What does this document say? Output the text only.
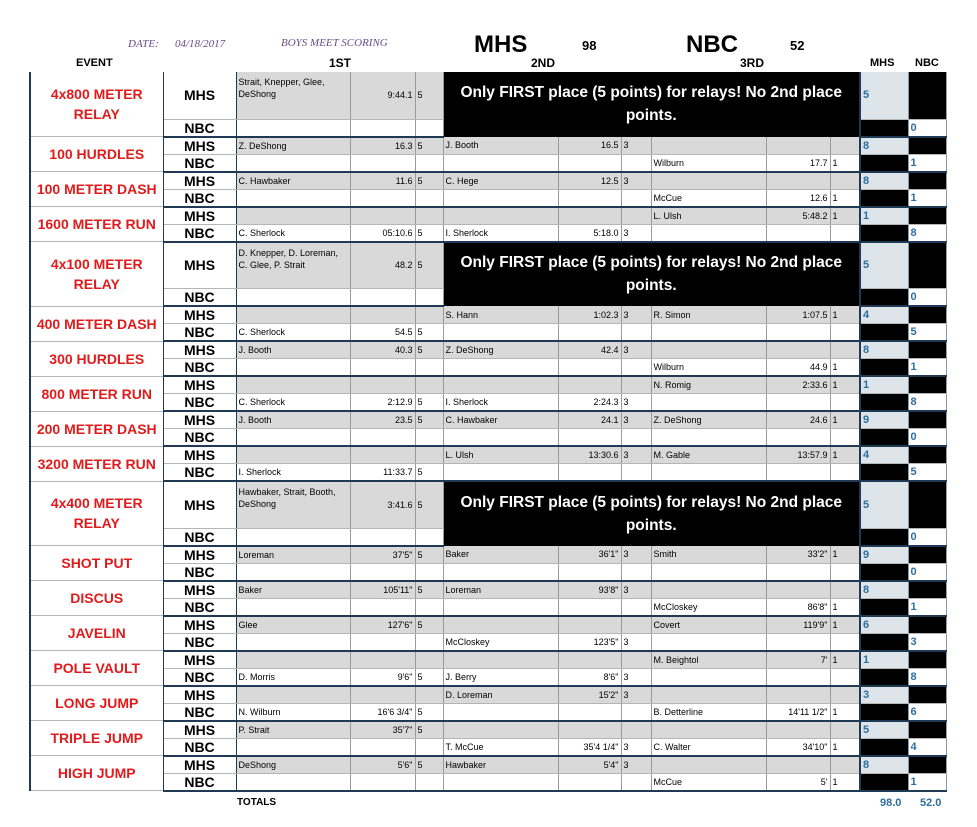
DATE: 04/18/2017	BOYS MEET SCORING	MHS	98	NBC	52
EVENT	1ST	2ND	3RD	MHS NBC
4x800 METER RELAY	MHS	Strait, Knepper, Glee, DeShong	9:44.1	5	Only FIRST place (5 points) for relays! No 2nd place points.						5	
	NBC											0
100 HURDLES	MHS	Z. DeShong	16.3	5	J. Booth	16.5	3				8	
	NBC							Wilburn	17.7	1		1
100 METER DASH	MHS	C. Hawbaker	11.6	5	C. Hege	12.5	3				8	
	NBC							McCue	12.6	1		1
1600 METER RUN	MHS							L. Ulsh	5:48.2	1	1	
	NBC	C. Sherlock	05:10.6	5	I. Sherlock	5:18.0	3					8
4x100 METER RELAY	MHS	D. Knepper, D. Loreman, C. Glee, P. Strait	48.2	5	Only FIRST place (5 points) for relays! No 2nd place points.						5	
	NBC											0
400 METER DASH	MHS				S. Hann	1:02.3	3	R. Simon	1:07.5	1	4	
	NBC	C. Sherlock	54.5	5								5
300 HURDLES	MHS	J. Booth	40.3	5	Z. DeShong	42.4	3				8	
	NBC							Wilburn	44.9	1		1
800 METER RUN	MHS							N. Romig	2:33.6	1	1	
	NBC	C. Sherlock	2:12.9	5	I. Sherlock	2:24.3	3					8
200 METER DASH	MHS	J. Booth	23.5	5	C. Hawbaker	24.1	3	Z. DeShong	24.6	1	9	
	NBC											0
3200 METER RUN	MHS				L. Ulsh	13:30.6	3	M. Gable	13:57.9	1	4	
	NBC	I. Sherlock	11:33.7	5								5
4x400 METER RELAY	MHS	Hawbaker, Strait, Booth, DeShong	3:41.6	5	Only FIRST place (5 points) for relays! No 2nd place points.						5	
	NBC											0
SHOT PUT	MHS	Loreman	37'5"	5	Baker	36'1"	3	Smith	33'2"	1	9	
	NBC											0
DISCUS	MHS	Baker	105'11"	5	Loreman	93'8"	3				8	
	NBC							McCloskey	86'8"	1		1
JAVELIN	MHS	Glee	127'6"	5				Covert	119'9"	1	6	
	NBC				McCloskey	123'5"	3					3
POLE VAULT	MHS							M. Beightol	7'	1	1	
	NBC	D. Morris	9'6"	5	J. Berry	8'6"	3					8
LONG JUMP	MHS				D. Loreman	15'2"	3				3	
	NBC	N. Wilburn	16'6 3/4"	5				B. Detterline	14'11 1/2"	1		6
TRIPLE JUMP	MHS	P. Strait	35'7"	5							5	
	NBC				T. McCue	35'4 1/4"	3	C. Walter	34'10"	1		4
HIGH JUMP	MHS	DeShong	5'6"	5	Hawbaker	5'4"	3				8	
	NBC							McCue	5'	1		1
TOTALS	98.0 52.0
